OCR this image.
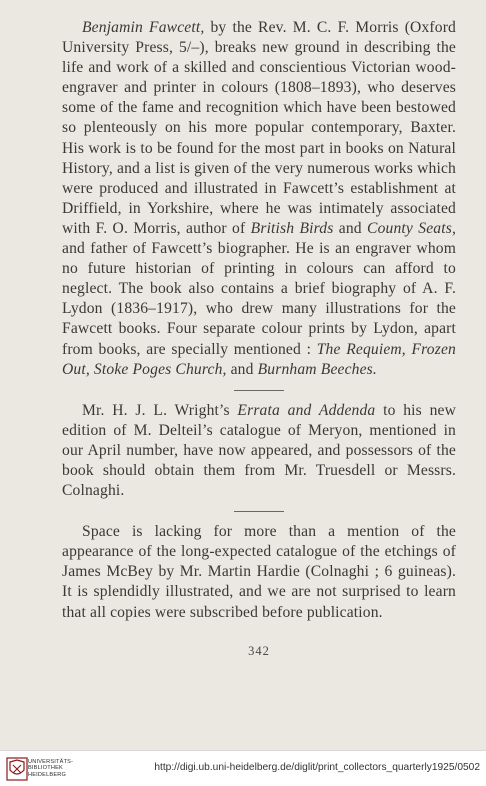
Benjamin Fawcett, by the Rev. M. C. F. Morris (Oxford University Press, 5/–), breaks new ground in describing the life and work of a skilled and conscientious Victorian wood-engraver and printer in colours (1808–1893), who deserves some of the fame and recognition which have been bestowed so plenteously on his more popular contemporary, Baxter. His work is to be found for the most part in books on Natural History, and a list is given of the very numerous works which were produced and illustrated in Fawcett’s establishment at Driffield, in Yorkshire, where he was intimately associated with F. O. Morris, author of British Birds and County Seats, and father of Fawcett’s biographer. He is an engraver whom no future historian of printing in colours can afford to neglect. The book also contains a brief biography of A. F. Lydon (1836–1917), who drew many illustrations for the Fawcett books. Four separate colour prints by Lydon, apart from books, are specially mentioned : The Requiem, Frozen Out, Stoke Poges Church, and Burnham Beeches.

Mr. H. J. L. Wright’s Errata and Addenda to his new edition of M. Delteil’s catalogue of Meryon, mentioned in our April number, have now appeared, and possessors of the book should obtain them from Mr. Truesdell or Messrs. Colnaghi.

Space is lacking for more than a mention of the appearance of the long-expected catalogue of the etchings of James McBey by Mr. Martin Hardie (Colnaghi ; 6 guineas). It is splendidly illustrated, and we are not surprised to learn that all copies were subscribed before publication.

342
UNIVERSITÄTS-
BIBLIOTHEK
HEIDELBERG
http://digi.ub.uni-heidelberg.de/diglit/print_collectors_quarterly1925/0502
